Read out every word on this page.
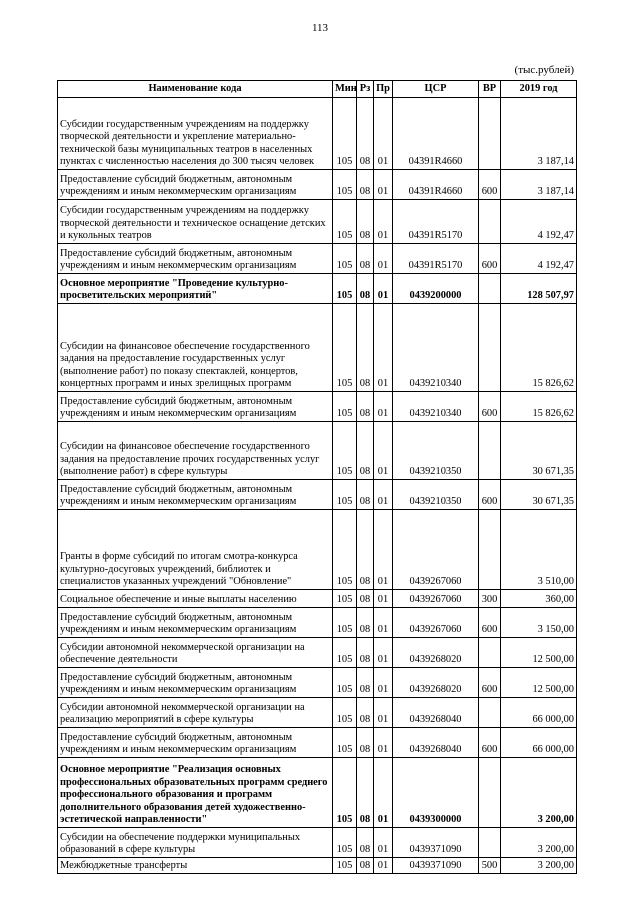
113
(тыс.рублей)
Наименование кода	Мин	Рз	Пр	ЦСР	ВР	2019 год
Субсидии государственным учреждениям на поддержку творческой деятельности и укрепление материально-технической базы муниципальных театров в населенных пунктах с численностью населения до 300 тысяч человек	105	08	01	04391R4660		3 187,14
Предоставление субсидий бюджетным, автономным учреждениям и иным некоммерческим организациям	105	08	01	04391R4660	600	3 187,14
Субсидии государственным учреждениям на поддержку творческой деятельности и техническое оснащение детских и кукольных театров	105	08	01	04391R5170		4 192,47
Предоставление субсидий бюджетным, автономным учреждениям и иным некоммерческим организациям	105	08	01	04391R5170	600	4 192,47
Основное мероприятие "Проведение культурно-просветительских мероприятий"	105	08	01	0439200000		128 507,97
Субсидии на финансовое обеспечение государственного задания на предоставление государственных услуг (выполнение работ) по показу спектаклей, концертов, концертных программ и иных зрелищных программ	105	08	01	0439210340		15 826,62
Предоставление субсидий бюджетным, автономным учреждениям и иным некоммерческим организациям	105	08	01	0439210340	600	15 826,62
Субсидии на финансовое обеспечение государственного задания на предоставление прочих государственных услуг (выполнение работ) в сфере культуры	105	08	01	0439210350		30 671,35
Предоставление субсидий бюджетным, автономным учреждениям и иным некоммерческим организациям	105	08	01	0439210350	600	30 671,35
Гранты в форме субсидий по итогам смотра-конкурса культурно-досуговых учреждений, библиотек и специалистов указанных учреждений "Обновление"	105	08	01	0439267060		3 510,00
Социальное обеспечение и иные выплаты населению	105	08	01	0439267060	300	360,00
Предоставление субсидий бюджетным, автономным учреждениям и иным некоммерческим организациям	105	08	01	0439267060	600	3 150,00
Субсидии автономной некоммерческой организации на обеспечение деятельности	105	08	01	0439268020		12 500,00
Предоставление субсидий бюджетным, автономным учреждениям и иным некоммерческим организациям	105	08	01	0439268020	600	12 500,00
Субсидии автономной некоммерческой организации на реализацию мероприятий в сфере культуры	105	08	01	0439268040		66 000,00
Предоставление субсидий бюджетным, автономным учреждениям и иным некоммерческим организациям	105	08	01	0439268040	600	66 000,00
Основное мероприятие "Реализация основных профессиональных образовательных программ среднего профессионального образования и программ дополнительного образования детей художественно-эстетической направленности"	105	08	01	0439300000		3 200,00
Субсидии на обеспечение поддержки муниципальных образований в сфере культуры	105	08	01	0439371090		3 200,00
Межбюджетные трансферты	105	08	01	0439371090	500	3 200,00
